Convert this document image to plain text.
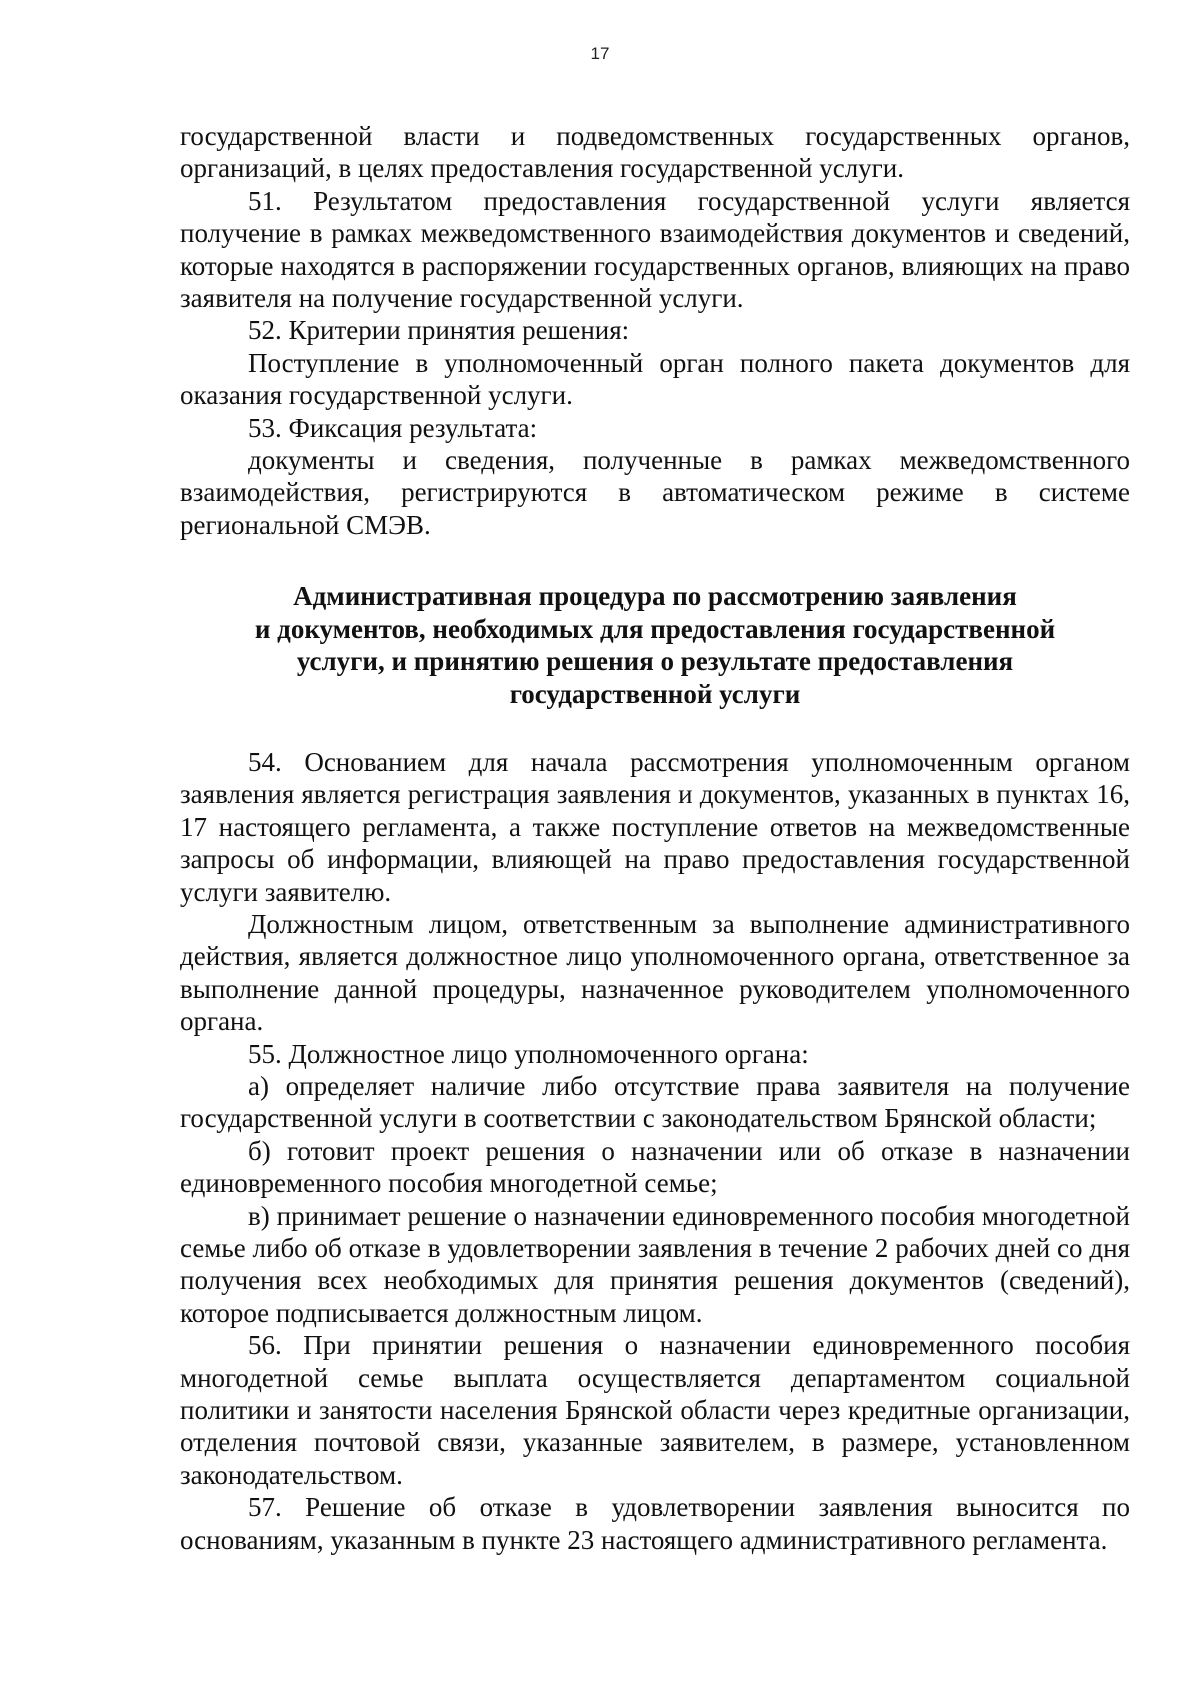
17

государственной власти и подведомственных государственных органов, организаций, в целях предоставления государственной услуги.

51. Результатом предоставления государственной услуги является получение в рамках межведомственного взаимодействия документов и сведений, которые находятся в распоряжении государственных органов, влияющих на право заявителя на получение государственной услуги.

52. Критерии принятия решения:

Поступление в уполномоченный орган полного пакета документов для оказания государственной услуги.

53. Фиксация результата:

документы и сведения, полученные в рамках межведомственного взаимодействия, регистрируются в автоматическом режиме в системе региональной СМЭВ.

Административная процедура по рассмотрению заявления
и документов, необходимых для предоставления государственной
услуги, и принятию решения о результате предоставления
государственной услуги

54. Основанием для начала рассмотрения уполномоченным органом заявления является регистрация заявления и документов, указанных в пунктах 16, 17 настоящего регламента, а также поступление ответов на межведомственные запросы об информации, влияющей на право предоставления государственной услуги заявителю.

Должностным лицом, ответственным за выполнение административного действия, является должностное лицо уполномоченного органа, ответственное за выполнение данной процедуры, назначенное руководителем уполномоченного органа.

55. Должностное лицо уполномоченного органа:

а) определяет наличие либо отсутствие права заявителя на получение государственной услуги в соответствии с законодательством Брянской области;

б) готовит проект решения о назначении или об отказе в назначении единовременного пособия многодетной семье;

в) принимает решение о назначении единовременного пособия многодетной семье либо об отказе в удовлетворении заявления в течение 2 рабочих дней со дня получения всех необходимых для принятия решения документов (сведений), которое подписывается должностным лицом.

56. При принятии решения о назначении единовременного пособия многодетной семье выплата осуществляется департаментом социальной политики и занятости населения Брянской области через кредитные организации, отделения почтовой связи, указанные заявителем, в размере, установленном законодательством.

57. Решение об отказе в удовлетворении заявления выносится по основаниям, указанным в пункте 23 настоящего административного регламента.
